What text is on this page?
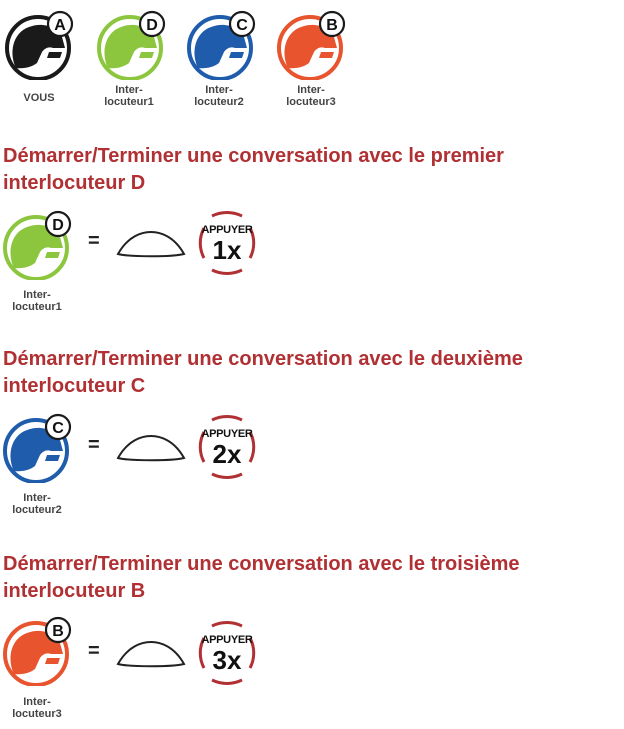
A
VOUS
D
Inter-
locuteur1
C
Inter-
locuteur2
B
Inter-
locuteur3
Démarrer/Terminer une conversation avec le premier
interlocuteur D
D
Inter-
locuteur1
=	APPUYER
1x
Démarrer/Terminer une conversation avec le deuxième
interlocuteur C
C
Inter-
locuteur2
=	APPUYER
2x
Démarrer/Terminer une conversation avec le troisième
interlocuteur B
B
Inter-
locuteur3
=	APPUYER
3x
